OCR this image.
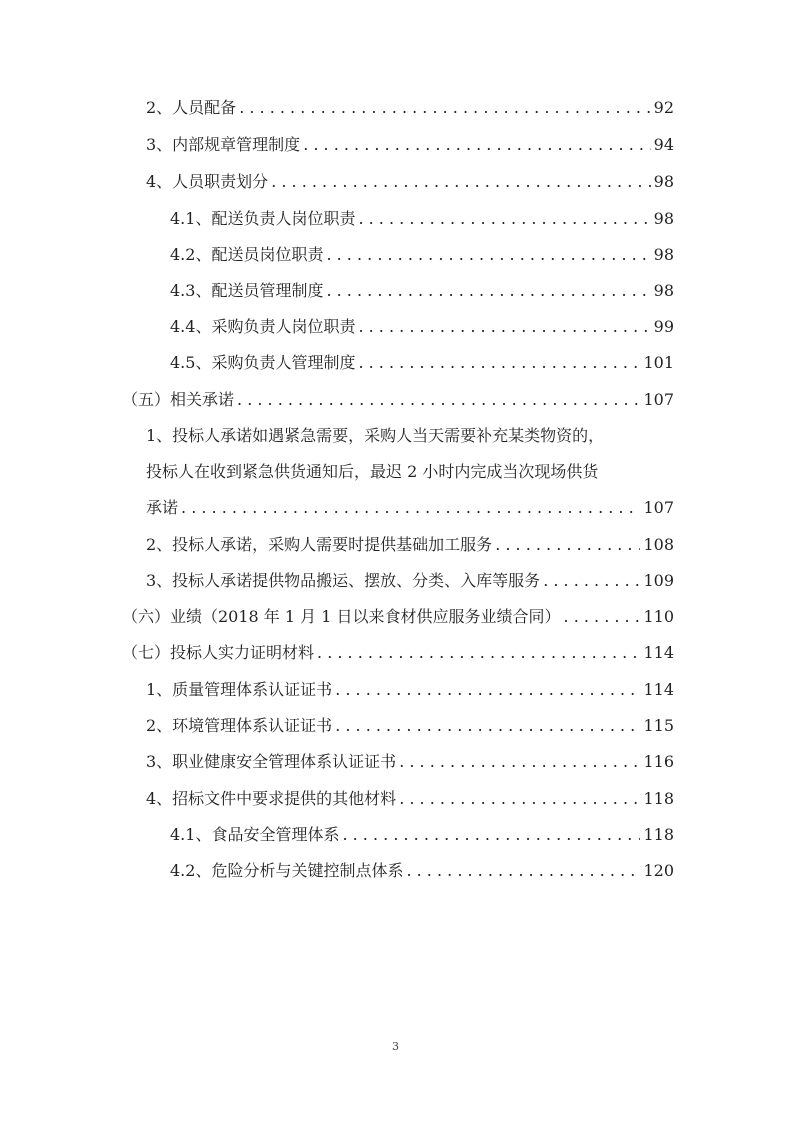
2、人员配备 . . .	92
3、内部规章管理制度 . . .	94
4、人员职责划分 . . .	98
4.1、配送负责人岗位职责 . . .	98
4.2、配送员岗位职责 . . .	98
4.3、配送员管理制度 . . .	98
4.4、采购负责人岗位职责 . . .	99
4.5、采购负责人管理制度 . . .	101
（五）相关承诺 . . .	107
1、投标人承诺如遇紧急需要，采购人当天需要补充某类物资的，
投标人在收到紧急供货通知后，最迟 2 小时内完成当次现场供货
承诺 . . .	107
2、投标人承诺，采购人需要时提供基础加工服务 . . .	108
3、投标人承诺提供物品搬运、摆放、分类、入库等服务 . . .	109
（六）业绩（2018 年 1 月 1 日以来食材供应服务业绩合同） . . .	110
（七）投标人实力证明材料 . . .	114
1、质量管理体系认证证书 . . .	114
2、环境管理体系认证证书 . . .	115
3、职业健康安全管理体系认证证书 . . .	116
4、招标文件中要求提供的其他材料 . . .	118
4.1、食品安全管理体系 . . .	118
4.2、危险分析与关键控制点体系 . . .	120
3
